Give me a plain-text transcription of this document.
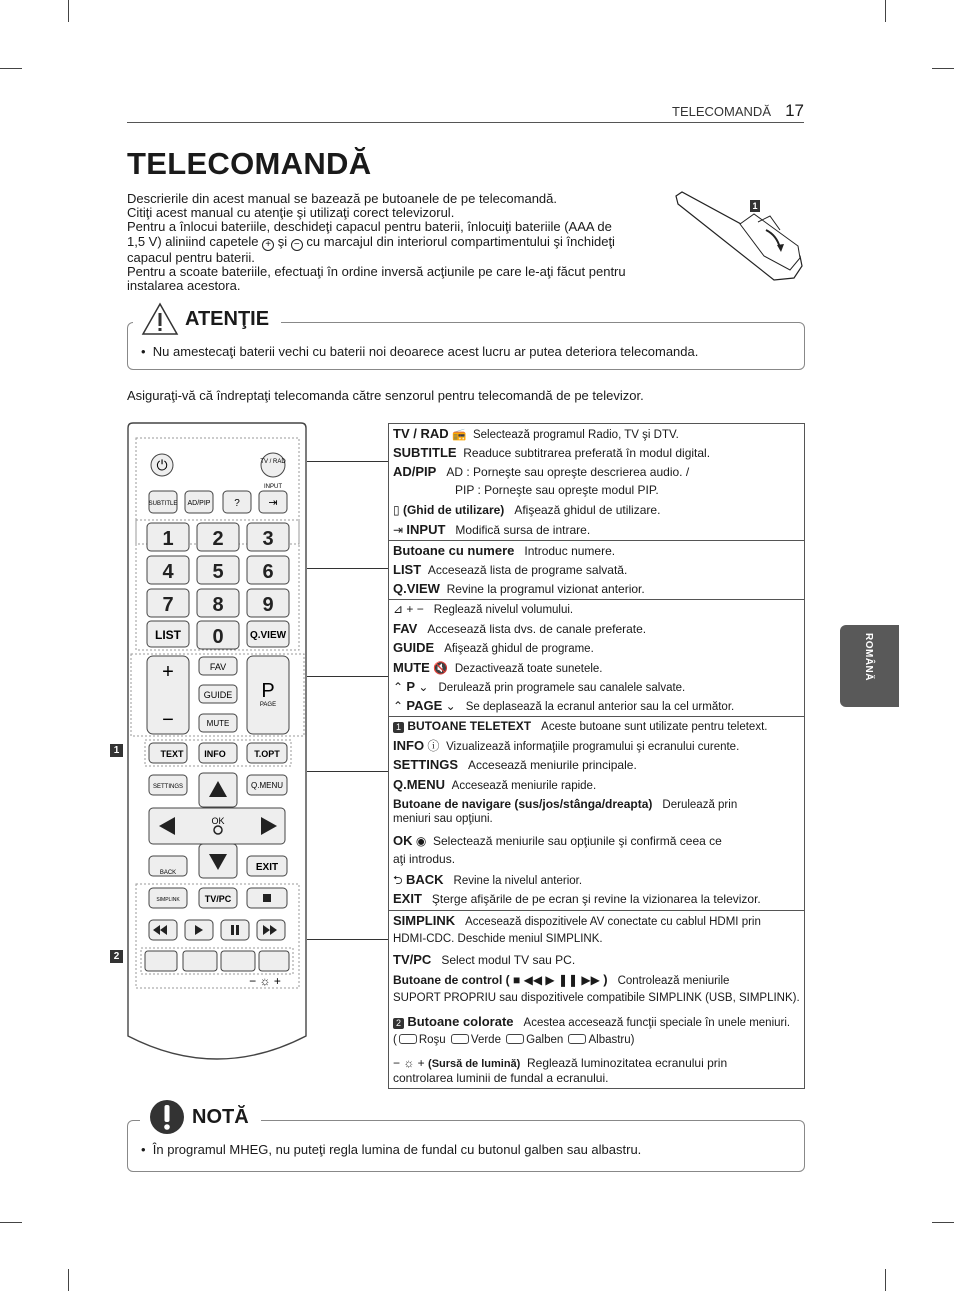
TELECOMANDĂ 17
TELECOMANDĂ
Descrierile din acest manual se bazează pe butoanele de pe telecomandă.
Citiţi acest manual cu atenţie şi utilizaţi corect televizorul.
Pentru a înlocui bateriile, deschideţi capacul pentru baterii, înlocuiţi bateriile (AAA de
1,5 V) aliniind capetele + şi − cu marcajul din interiorul compartimentului şi închideţi
capacul pentru baterii.
Pentru a scoate bateriile, efectuaţi în ordine inversă acţiunile pe care le-aţi făcut pentru
instalarea acestora.
1
ATENŢIE
•  Nu amestecaţi baterii vechi cu baterii noi deoarece acest lucru ar putea deteriora telecomanda.
Asiguraţi-vă că îndreptaţi telecomanda către senzorul pentru telecomandă de pe televizor.
⏻	TV / RAD
INPUT
SUBTITLE AD/PIP ?	⇥
1 2 3
4 5 6
7 8 9
0
LIST	Q.VIEW
+
−
P
PAGE
FAV
GUIDE
MUTE
TEXT INFO	T.OPT
SETTINGS	Q.MENU
OK
BACK	EXIT
SIMPLINK	TV/PC
− ☼ +
1
2
TV / RAD 📻 Selectează programul Radio, TV şi DTV.
SUBTITLE Readuce subtitrarea preferată în modul digital.
AD/PIP AD : Porneşte sau opreşte descrierea audio. /
PIP : Porneşte sau opreşte modul PIP.
▯ (Ghid de utilizare) Afişează ghidul de utilizare.
⇥ INPUT Modifică sursa de intrare.
Butoane cu numere Introduc numere.
LIST Accesează lista de programe salvată.
Q.VIEW Revine la programul vizionat anterior.
⊿ + − Reglează nivelul volumului.
FAV Accesează lista dvs. de canale preferate.
GUIDE Afişează ghidul de programe.
MUTE 🔇 Dezactivează toate sunetele.
⌃ P ⌄ Derulează prin programele sau canalele salvate.
⌃ PAGE ⌄ Se deplasează la ecranul anterior sau la cel următor.
1 BUTOANE TELETEXT Aceste butoane sunt utilizate pentru teletext.
INFO ⓘ Vizualizează informaţiile programului şi ecranului curente.
SETTINGS Accesează meniurile principale.
Q.MENU Accesează meniurile rapide.
Butoane de navigare (sus/jos/stânga/dreapta) Derulează prin
meniuri sau opţiuni.
OK ◉ Selectează meniurile sau opţiunile şi confirmă ceea ce
aţi introdus.
⮌ BACK Revine la nivelul anterior.
EXIT Şterge afişările de pe ecran şi revine la vizionarea la televizor.
SIMPLINK Accesează dispozitivele AV conectate cu cablul HDMI prin
HDMI-CDC. Deschide meniul SIMPLINK.
TV/PC Select modul TV sau PC.
Butoane de control ( ■ ◀◀ ▶ ❚❚ ▶▶ ) Controlează meniurile
SUPORT PROPRIU sau dispozitivele compatibile SIMPLINK (USB, SIMPLINK).
2 Butoane colorate Acestea accesează funcţii speciale în unele meniuri.
( Roşu Verde Galben Albastru)
− ☼ + (Sursă de lumină) Reglează luminozitatea ecranului prin
controlarea luminii de fundal a ecranului.
NOTĂ
•  În programul MHEG, nu puteţi regla lumina de fundal cu butonul galben sau albastru.
ROMÂNĂ
